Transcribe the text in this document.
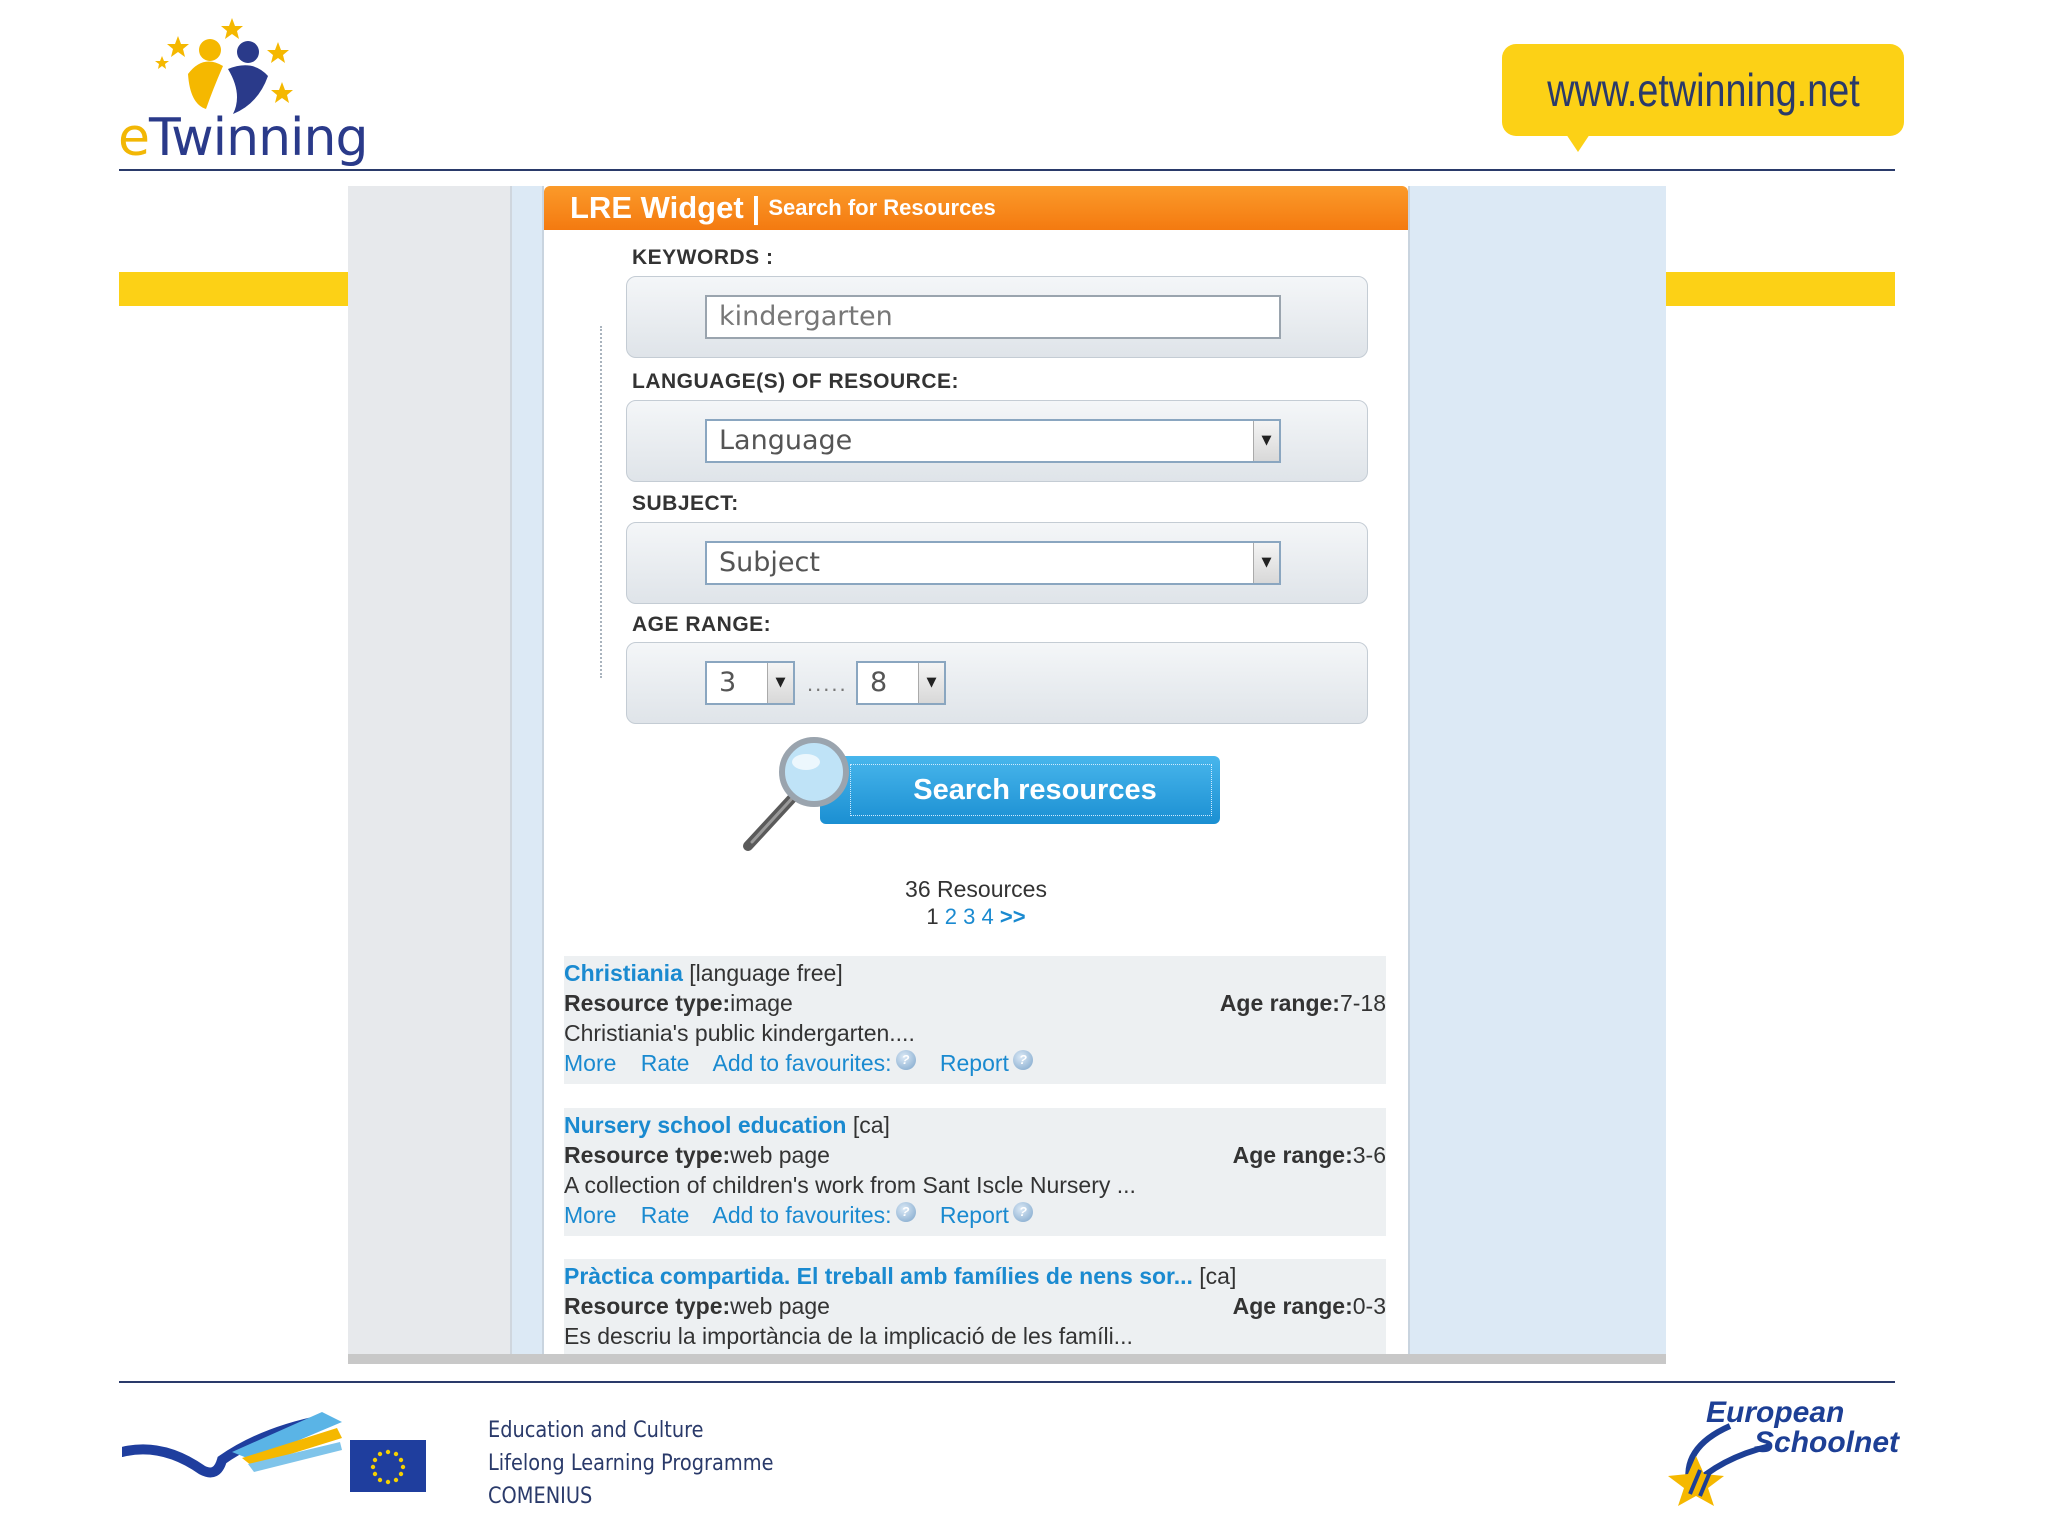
eTwinning
www.etwinning.net
LRE Widget | Search for Resources
KEYWORDS :
kindergarten
LANGUAGE(S) OF RESOURCE:
Language	▼
SUBJECT:
Subject	▼
AGE RANGE:
3	▼ ..... 8	▼
Search resources
36 Resources
1 2 3 4 >>
Christiania [language free]
Resource type:image	Age range:7-18
Christiania's public kindergarten....
More Rate Add to favourites: ? Report ?
Nursery school education [ca]
Resource type:web page	Age range:3-6
A collection of children's work from Sant Iscle Nursery ...
More Rate Add to favourites: ? Report ?
Pràctica compartida. El treball amb famílies de nens sor... [ca]
Resource type:web page	Age range:0-3
Es descriu la importància de la implicació de les famíli...
Education and Culture
Lifelong Learning Programme
COMENIUS
European
Schoolnet
